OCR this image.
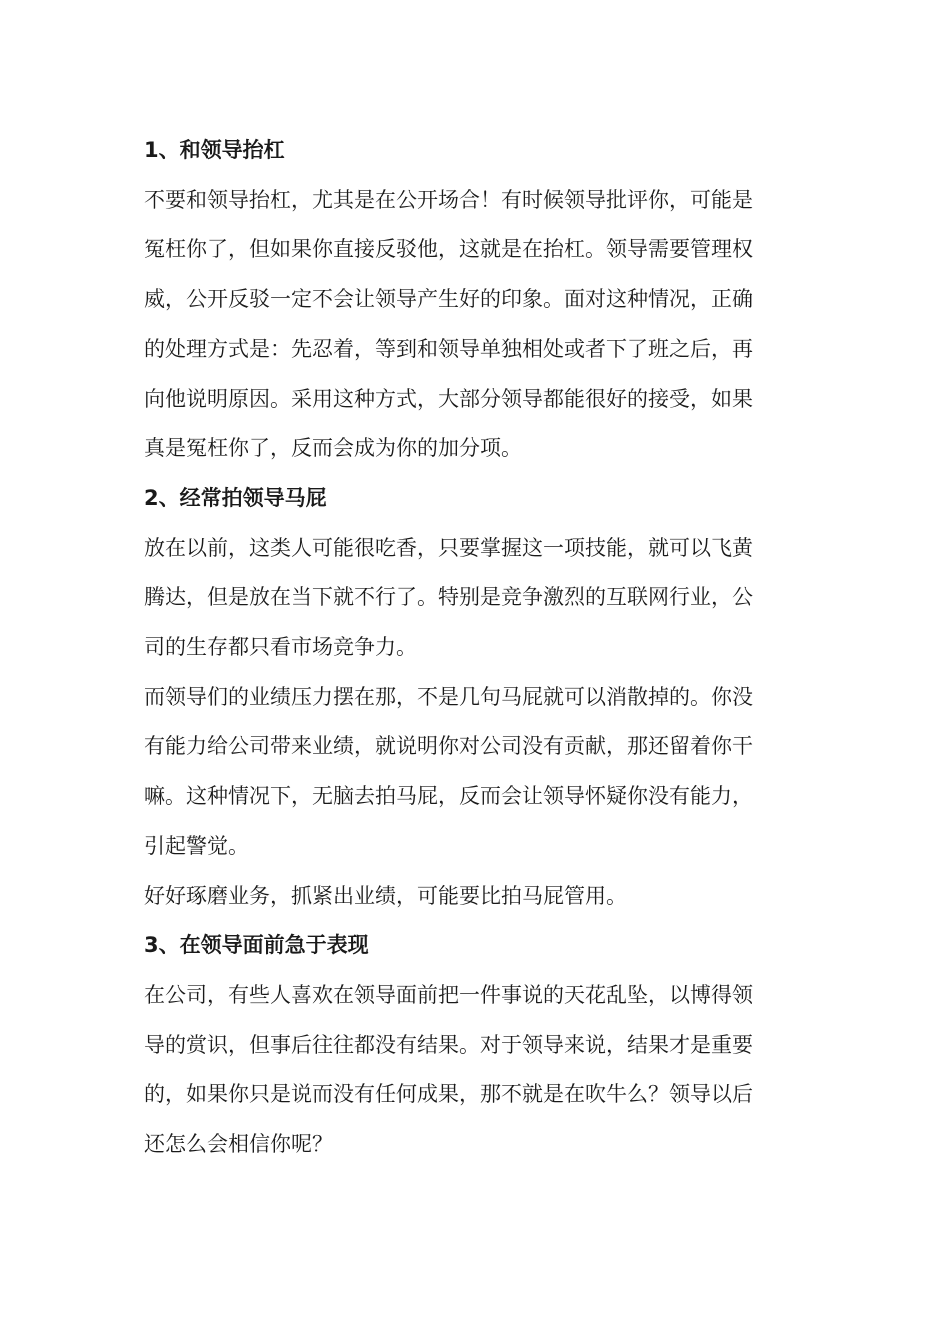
1、和领导抬杠

不要和领导抬杠，尤其是在公开场合！有时候领导批评你，可能是
冤枉你了，但如果你直接反驳他，这就是在抬杠。领导需要管理权
威，公开反驳一定不会让领导产生好的印象。面对这种情况，正确
的处理方式是：先忍着，等到和领导单独相处或者下了班之后，再
向他说明原因。采用这种方式，大部分领导都能很好的接受，如果
真是冤枉你了，反而会成为你的加分项。

2、经常拍领导马屁

放在以前，这类人可能很吃香，只要掌握这一项技能，就可以飞黄
腾达，但是放在当下就不行了。特别是竞争激烈的互联网行业，公
司的生存都只看市场竞争力。

而领导们的业绩压力摆在那，不是几句马屁就可以消散掉的。你没
有能力给公司带来业绩，就说明你对公司没有贡献，那还留着你干
嘛。这种情况下，无脑去拍马屁，反而会让领导怀疑你没有能力，
引起警觉。

好好琢磨业务，抓紧出业绩，可能要比拍马屁管用。

3、在领导面前急于表现

在公司，有些人喜欢在领导面前把一件事说的天花乱坠，以博得领
导的赏识，但事后往往都没有结果。对于领导来说，结果才是重要
的，如果你只是说而没有任何成果，那不就是在吹牛么？领导以后
还怎么会相信你呢？
